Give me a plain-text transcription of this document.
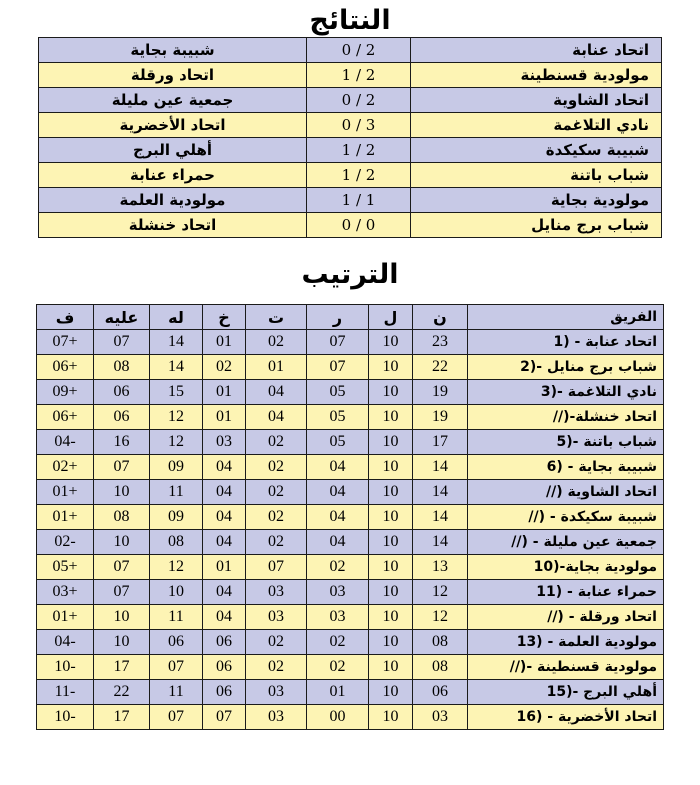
النتائج
شبيبة بجاية	0 / 2	اتحاد عنابة
اتحاد ورقلة	1 / 2	مولودية قسنطينة
جمعية عين مليلة	0 / 2	اتحاد الشاوية
اتحاد الأخضرية	0 / 3	نادي التلاغمة
أهلي البرج	1 / 2	شبيبة سكيكدة
حمراء عنابة	1 / 2	شباب باتنة
مولودية العلمة	1 / 1	مولودية بجاية
اتحاد خنشلة	0 / 0	شباب برج منايل
الترتيب
ف	عليه	له	خ	ت	ر	ل	ن	الفريق
07+	07	14	01	02	07	10	23	1) - اتحاد عنابة
06+	08	14	02	01	07	10	22	2)- شباب برج منايل
09+	06	15	01	04	05	10	19	3)- نادي التلاغمة
06+	06	12	01	04	05	10	19	//)-اتحاد خنشلة
04-	16	12	03	02	05	10	17	5)- شباب باتنة
02+	07	09	04	02	04	10	14	6) - شبيبة بجاية
01+	10	11	04	02	04	10	14	//) اتحاد الشاوية
01+	08	09	04	02	04	10	14	//) - شبيبة سكيكدة
02-	10	08	04	02	04	10	14	//) - جمعية عين مليلة
05+	07	12	01	07	02	10	13	10)-مولودية بجاية
03+	07	10	04	03	03	10	12	11) - حمراء عنابة
01+	10	11	04	03	03	10	12	//) - اتحاد ورقلة
04-	10	06	06	02	02	10	08	13) - مولودية العلمة
10-	17	07	06	02	02	10	08	//)- مولودية قسنطينة
11-	22	11	06	03	01	10	06	15)- أهلي البرج
10-	17	07	07	03	00	10	03	16) - اتحاد الأخضرية
